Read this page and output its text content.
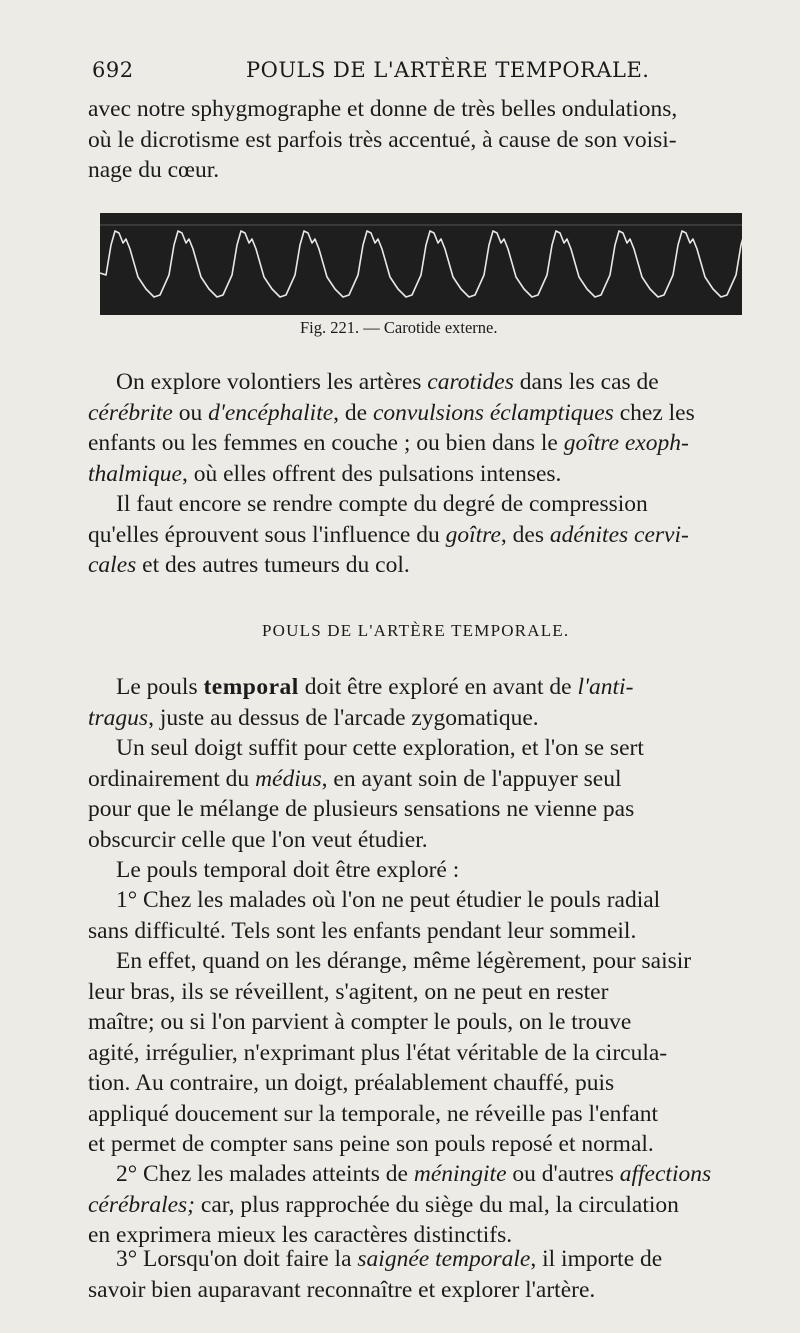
692	POULS DE L'ARTÈRE TEMPORALE.

avec notre sphygmographe et donne de très belles ondulations,

où le dicrotisme est parfois très accentué, à cause de son voisi-

nage du cœur.

Fig. 221. — Carotide externe.

On explore volontiers les artères carotides dans les cas de

cérébrite ou d'encéphalite, de convulsions éclamptiques chez les

enfants ou les femmes en couche ; ou bien dans le goître exoph-

thalmique, où elles offrent des pulsations intenses.

Il faut encore se rendre compte du degré de compression

qu'elles éprouvent sous l'influence du goître, des adénites cervi-

cales et des autres tumeurs du col.

POULS DE L'ARTÈRE TEMPORALE.

Le pouls temporal doit être exploré en avant de l'anti-

tragus, juste au dessus de l'arcade zygomatique.

Un seul doigt suffit pour cette exploration, et l'on se sert

ordinairement du médius, en ayant soin de l'appuyer seul

pour que le mélange de plusieurs sensations ne vienne pas

obscurcir celle que l'on veut étudier.

Le pouls temporal doit être exploré :

1° Chez les malades où l'on ne peut étudier le pouls radial

sans difficulté. Tels sont les enfants pendant leur sommeil.

En effet, quand on les dérange, même légèrement, pour saisir

leur bras, ils se réveillent, s'agitent, on ne peut en rester

maître; ou si l'on parvient à compter le pouls, on le trouve

agité, irrégulier, n'exprimant plus l'état véritable de la circula-

tion. Au contraire, un doigt, préalablement chauffé, puis

appliqué doucement sur la temporale, ne réveille pas l'enfant

et permet de compter sans peine son pouls reposé et normal.

2° Chez les malades atteints de méningite ou d'autres affections

cérébrales; car, plus rapprochée du siège du mal, la circulation

en exprimera mieux les caractères distinctifs.

3° Lorsqu'on doit faire la saignée temporale, il importe de

savoir bien auparavant reconnaître et explorer l'artère.
